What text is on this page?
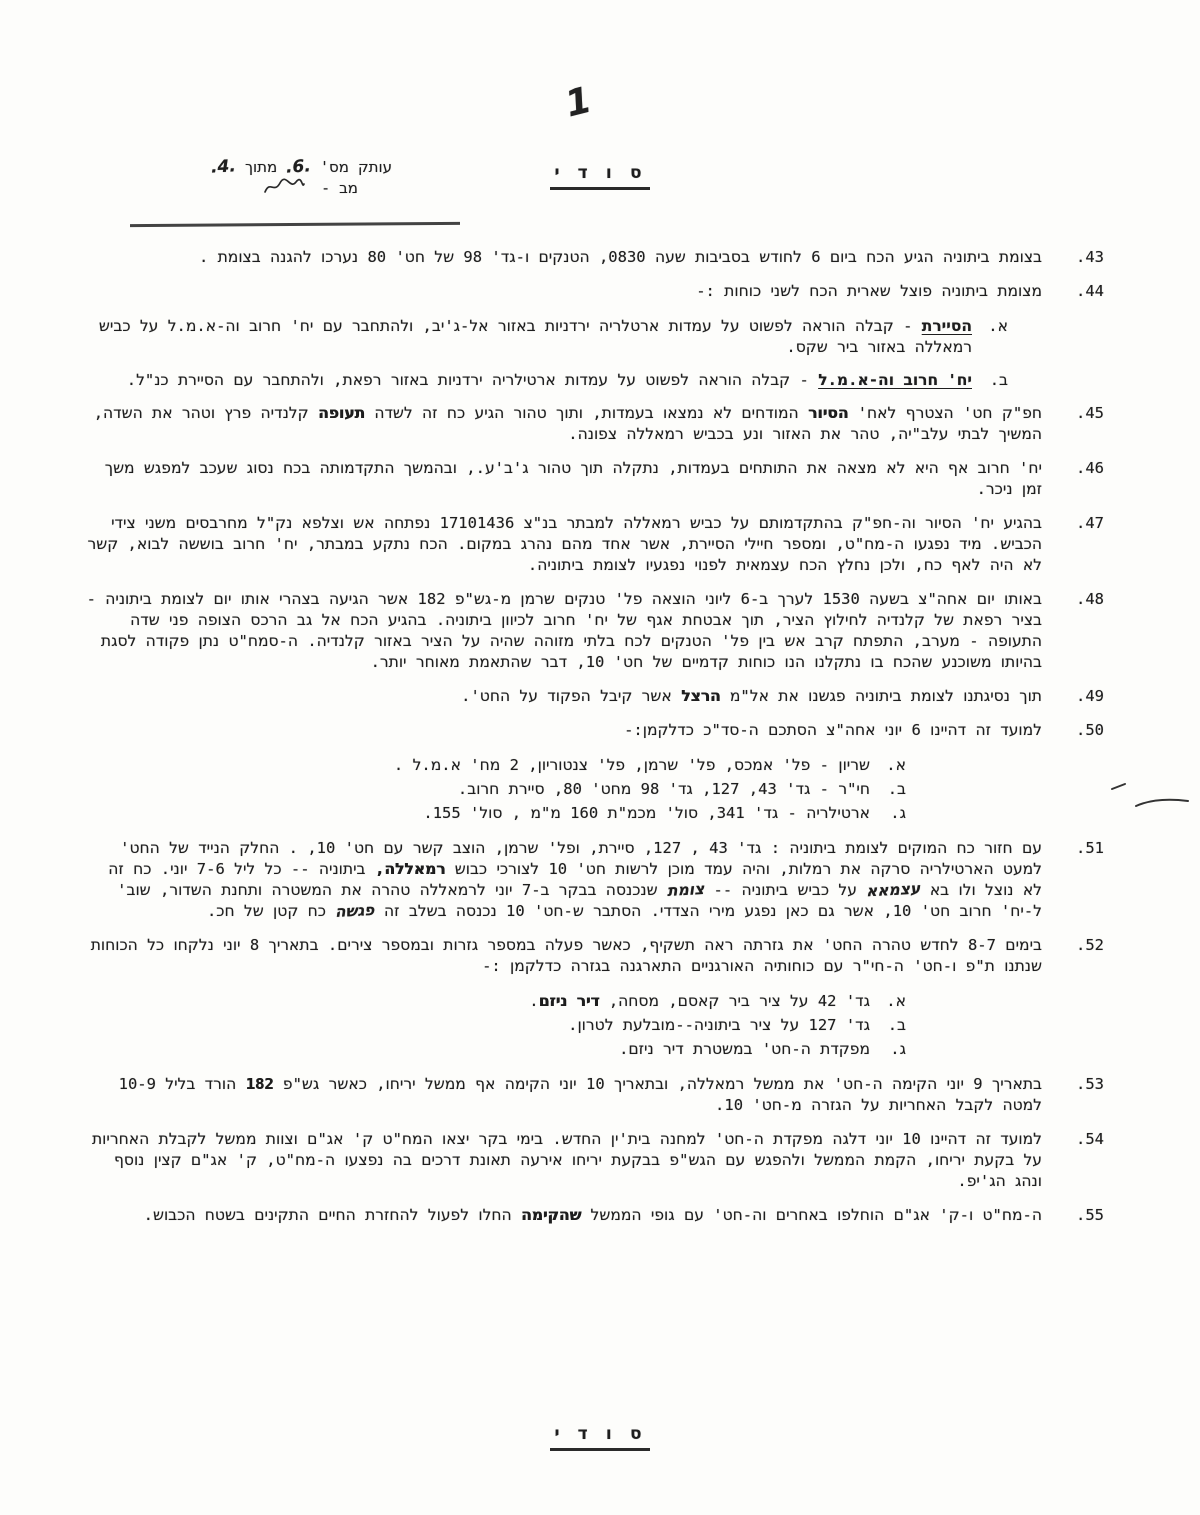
1
ס ו ד י
עותק מס' .6. מתוך .4.
מב -
43.
בצומת ביתוניה הגיע הכח ביום 6 לחודש בסביבות שעה 0830, הטנקים ו-גד' 98 של חט' 80 נערכו להגנה בצומת .
44.
מצומת ביתוניה פוצל שארית הכח לשני כוחות :-
א.
הסיירת - קבלה הוראה לפשוט על עמדות ארטלריה ירדניות באזור אל-ג'יב, ולהתחבר עם יח' חרוב וה-א.מ.ל על כביש רמאללה באזור ביר שקס.
ב.
יח' חרוב וה-א.מ.ל - קבלה הוראה לפשוט על עמדות ארטילריה ירדניות באזור רפאת, ולהתחבר עם הסיירת כנ"ל.
45.
חפ"ק חט' הצטרף לאח' הסיור המודחים לא נמצאו בעמדות, ותוך טהור הגיע כח זה לשדה תעופה קלנדיה פרץ וטהר את השדה, המשיך לבתי עלב"יה, טהר את האזור ונע בכביש רמאללה צפונה.
46.
יח' חרוב אף היא לא מצאה את התותחים בעמדות, נתקלה תוך טהור ג'ב'ע., ובהמשך התקדמותה בכח נסוג שעכב למפגש משך זמן ניכר.
47.
בהגיע יח' הסיור וה-חפ"ק בהתקדמותם על כביש רמאללה למבתר בנ"צ 17101436 נפתחה אש וצלפא נק"ל מחרבסים משני צידי הכביש. מיד נפגעו ה-מח"ט, ומספר חיילי הסיירת, אשר אחד מהם נהרג במקום. הכח נתקע במבתר, יח' חרוב בוששה לבוא, קשר לא היה לאף כח, ולכן נחלץ הכח עצמאית לפנוי נפגעיו לצומת ביתוניה.
48.
באותו יום אחה"צ בשעה 1530 לערך ב-6 ליוני הוצאה פל' טנקים שרמן מ-גש"פ 182 אשר הגיעה בצהרי אותו יום לצומת ביתוניה - בציר רפאת של קלנדיה לחילוץ הציר, תוך אבטחת אגף של יח' חרוב לכיוון ביתוניה. בהגיע הכח אל גב הרכס הצופה פני שדה התעופה - מערב, התפתח קרב אש בין פל' הטנקים לכח בלתי מזוהה שהיה על הציר באזור קלנדיה. ה-סמח"ט נתן פקודה לסגת בהיותו משוכנע שהכח בו נתקלנו הנו כוחות קדמיים של חט' 10, דבר שהתאמת מאוחר יותר.
49.
תוך נסיגתנו לצומת ביתוניה פגשנו את אל"מ הרצל אשר קיבל הפקוד על החט'.
50.
למועד זה דהיינו 6 יוני אחה"צ הסתכם ה-סד"כ כדלקמן:-
א.
שריון - פל' אמכס, פל' שרמן, פל' צנטוריון, 2 מח' א.מ.ל .
ב.
חי"ר - גד' 43, 127, גד' 98 מחט' 80, סיירת חרוב.
ג.
ארטילריה - גד' 341, סול' מכמ"ת 160 מ"מ , סול' 155.
51.
עם חזור כח המוקים לצומת ביתוניה : גד' 43 , 127, סיירת, ופל' שרמן, הוצב קשר עם חט' 10, . החלק הנייד של החט' למעט הארטילריה סרקה את רמלות, והיה עמד מוכן לרשות חט' 10 לצורכי כבוש רמאללה, ביתוניה -- כל ליל 7-6 יוני. כח זה לא נוצל ולו בא עצמאא על כביש ביתוניה -- צומת שנכנסה בבקר ב-7 יוני לרמאללה טהרה את המשטרה ותחנת השדור, שוב' ל-יח' חרוב חט' 10, אשר גם כאן נפגע מירי הצדדי. הסתבר ש-חט' 10 נכנסה בשלב זה פגשה כח קטן של חכ.
52.
בימים 8-7 לחדש טהרה החט' את גזרתה ראה תשקיף, כאשר פעלה במספר גזרות ובמספר צירים. בתאריך 8 יוני נלקחו כל הכוחות שנתנו ת"פ ו-חט' ה-חי"ר עם כוחותיה האורגניים התארגנה בגזרה כדלקמן :-
א.
גד' 42 על ציר ביר קאסם, מסחה, דיר ניזם.
ב.
גד' 127 על ציר ביתוניה--מובלעת לטרון.
ג.
מפקדת ה-חט' במשטרת דיר ניזם.
53.
בתאריך 9 יוני הקימה ה-חט' את ממשל רמאללה, ובתאריך 10 יוני הקימה אף ממשל יריחו, כאשר גש"פ 182 הורד בליל 10-9 למטה לקבל האחריות על הגזרה מ-חט' 10.
54.
למועד זה דהיינו 10 יוני דלגה מפקדת ה-חט' למחנה בית'ין החדש. בימי בקר יצאו המח"ט ק' אג"ם וצוות ממשל לקבלת האחריות על בקעת יריחו, הקמת הממשל ולהפגש עם הגש"פ בבקעת יריחו אירעה תאונת דרכים בה נפצעו ה-מח"ט, ק' אג"ם קצין נוסף ונהג הג'יפ.
55.
ה-מח"ט ו-ק' אג"ם הוחלפו באחרים וה-חט' עם גופי הממשל שהקימה החלו לפעול להחזרת החיים התקינים בשטח הכבוש.
ס ו ד י
